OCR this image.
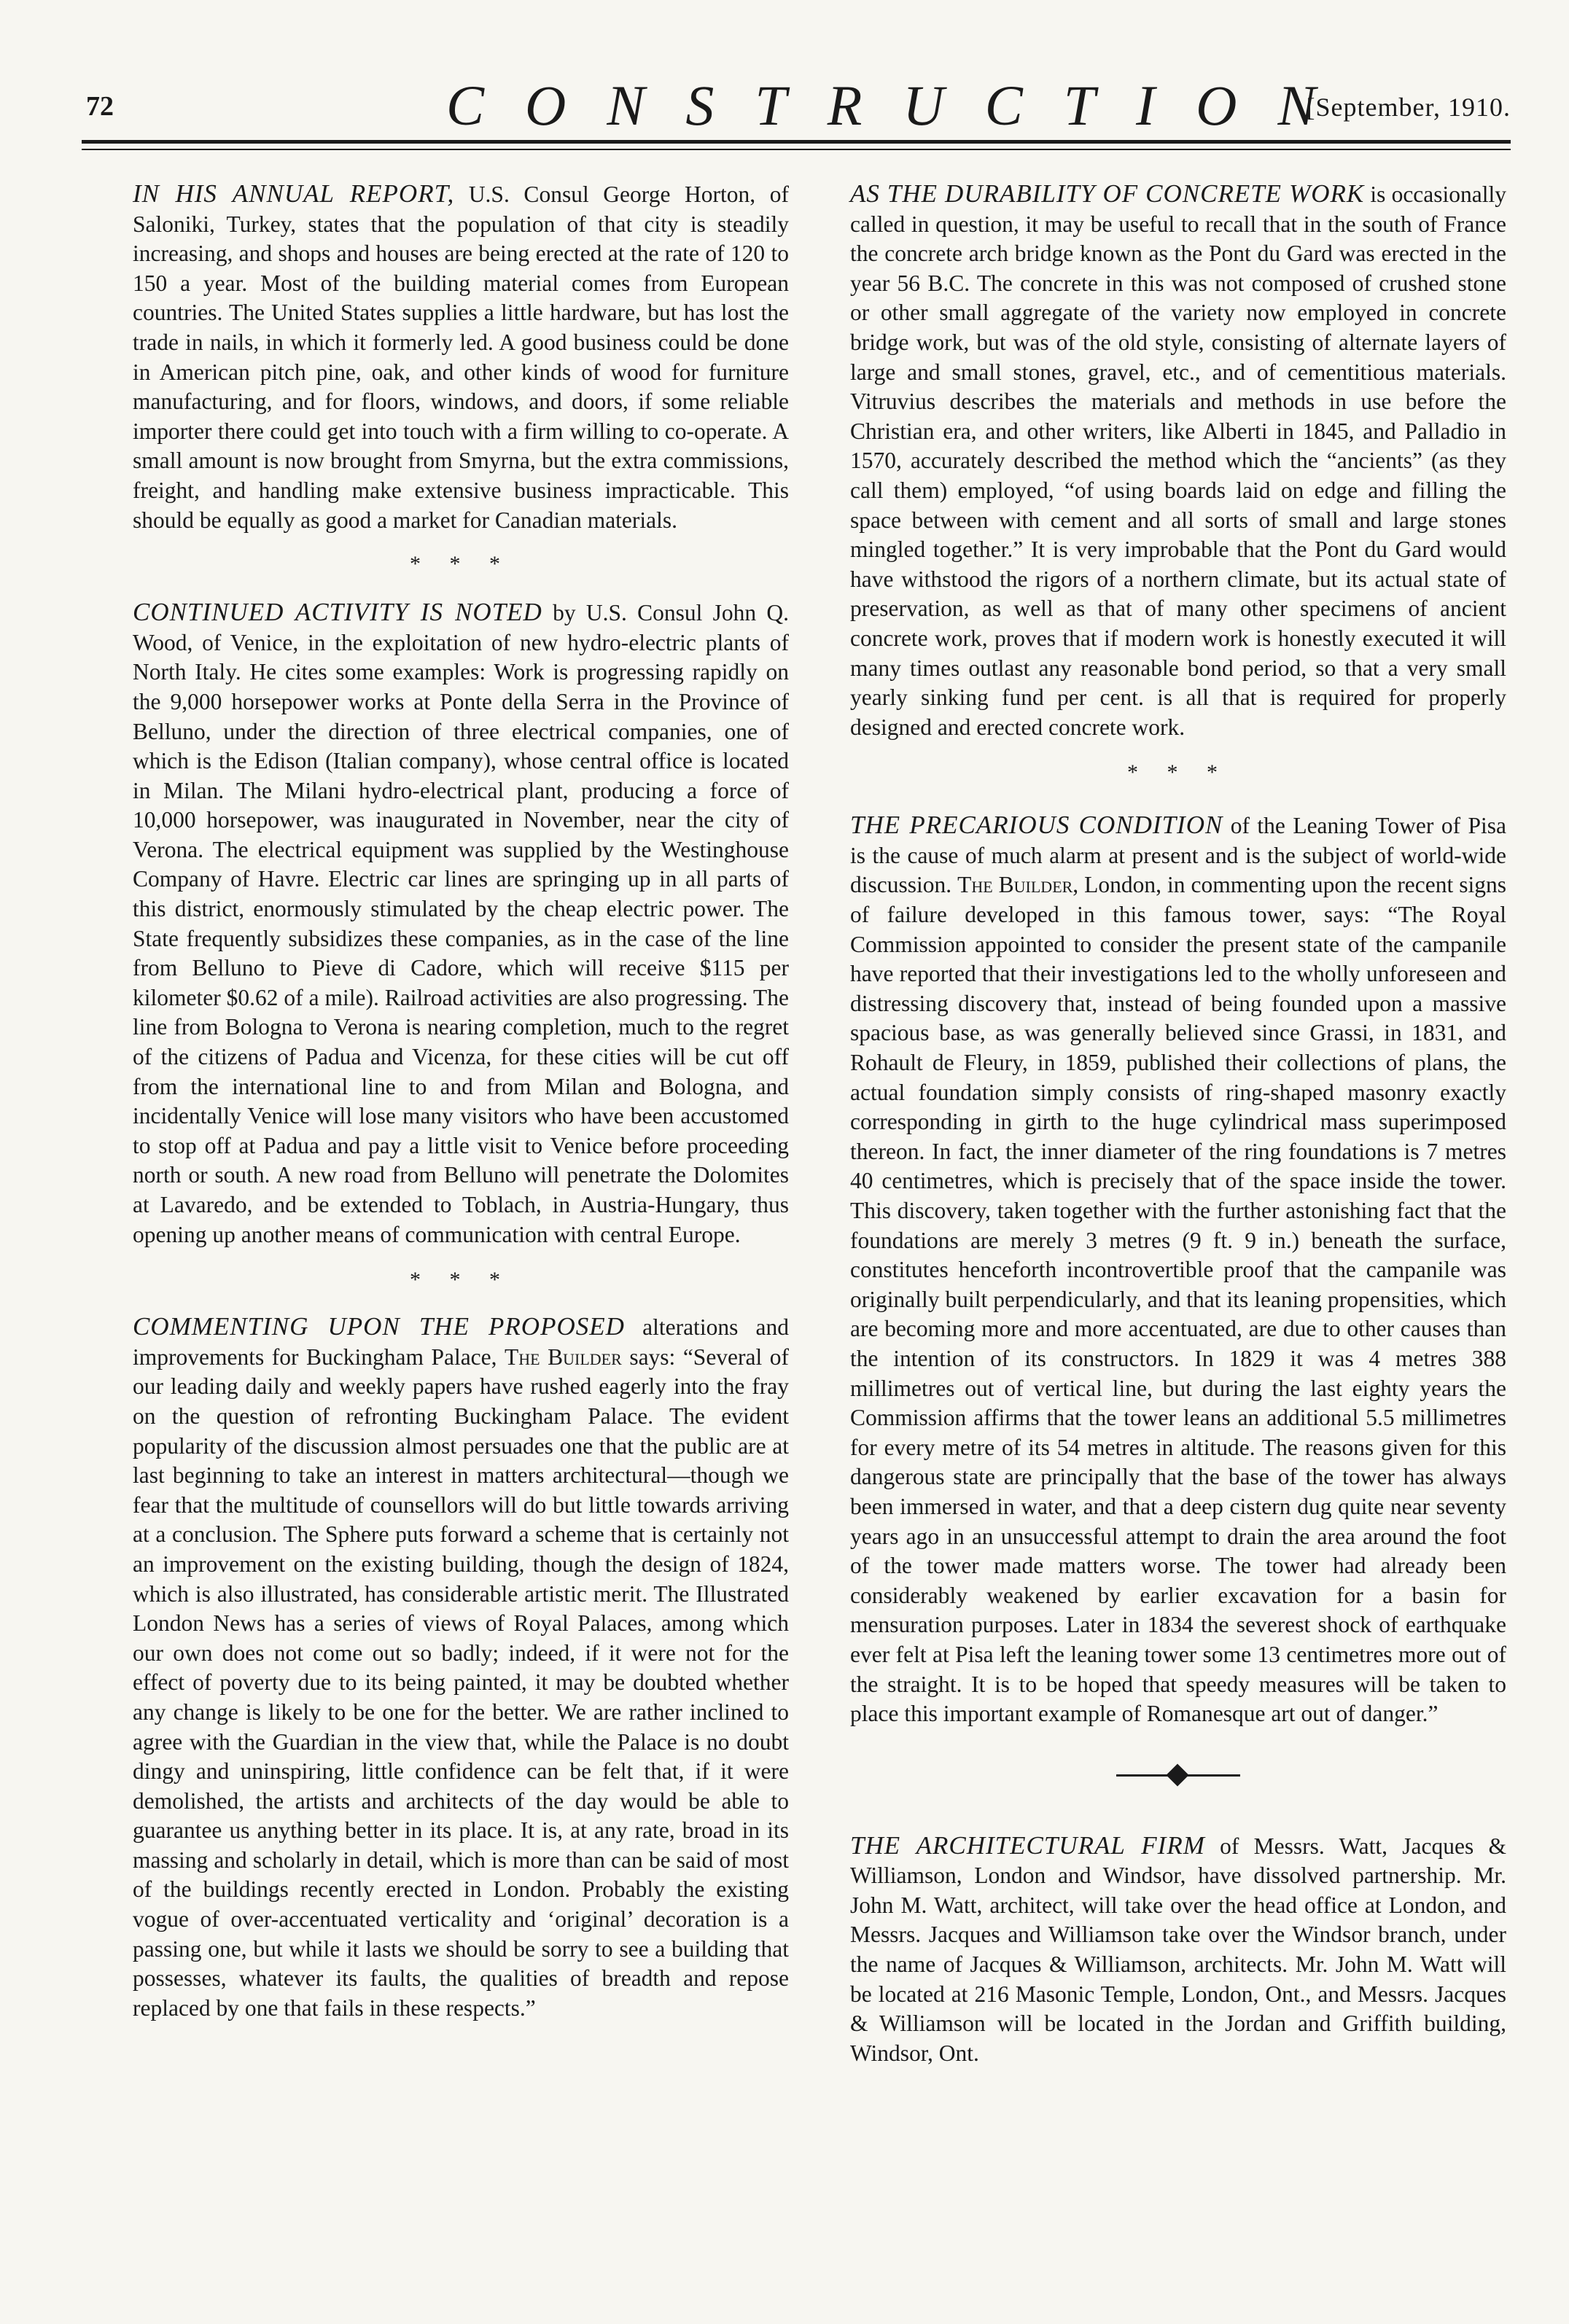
72	CONSTRUCTION
[September, 1910.

IN HIS ANNUAL REPORT, U.S. Consul George Horton, of Saloniki, Turkey, states that the population of that city is steadily increasing, and shops and houses are being erected at the rate of 120 to 150 a year. Most of the building material comes from European countries. The United States supplies a little hardware, but has lost the trade in nails, in which it formerly led. A good business could be done in American pitch pine, oak, and other kinds of wood for furniture manufacturing, and for floors, windows, and doors, if some reliable importer there could get into touch with a firm willing to co-operate. A small amount is now brought from Smyrna, but the extra commissions, freight, and handling make extensive business impracticable. This should be equally as good a market for Canadian materials.

* * *

CONTINUED ACTIVITY IS NOTED by U.S. Consul John Q. Wood, of Venice, in the exploitation of new hydro-electric plants of North Italy. He cites some examples: Work is progressing rapidly on the 9,000 horsepower works at Ponte della Serra in the Province of Belluno, under the direction of three electrical companies, one of which is the Edison (Italian company), whose central office is located in Milan. The Milani hydro-electrical plant, producing a force of 10,000 horsepower, was inaugurated in November, near the city of Verona. The electrical equipment was supplied by the Westinghouse Company of Havre. Electric car lines are springing up in all parts of this district, enormously stimulated by the cheap electric power. The State frequently subsidizes these companies, as in the case of the line from Belluno to Pieve di Cadore, which will receive $115 per kilometer $0.62 of a mile). Railroad activities are also progressing. The line from Bologna to Verona is nearing completion, much to the regret of the citizens of Padua and Vicenza, for these cities will be cut off from the international line to and from Milan and Bologna, and incidentally Venice will lose many visitors who have been accustomed to stop off at Padua and pay a little visit to Venice before proceeding north or south. A new road from Belluno will penetrate the Dolomites at Lavaredo, and be extended to Toblach, in Austria-Hungary, thus opening up another means of communication with central Europe.

* * *

COMMENTING UPON THE PROPOSED alterations and improvements for Buckingham Palace, The Builder says: “Several of our leading daily and weekly papers have rushed eagerly into the fray on the question of refronting Buckingham Palace. The evident popularity of the discussion almost persuades one that the public are at last beginning to take an interest in matters architectural—though we fear that the multitude of counsellors will do but little towards arriving at a conclusion. The Sphere puts forward a scheme that is certainly not an improvement on the existing building, though the design of 1824, which is also illustrated, has considerable artistic merit. The Illustrated London News has a series of views of Royal Palaces, among which our own does not come out so badly; indeed, if it were not for the effect of poverty due to its being painted, it may be doubted whether any change is likely to be one for the better. We are rather inclined to agree with the Guardian in the view that, while the Palace is no doubt dingy and uninspiring, little confidence can be felt that, if it were demolished, the artists and architects of the day would be able to guarantee us anything better in its place. It is, at any rate, broad in its massing and scholarly in detail, which is more than can be said of most of the buildings recently erected in London. Probably the existing vogue of over-accentuated verticality and ‘original’ decoration is a passing one, but while it lasts we should be sorry to see a building that possesses, whatever its faults, the qualities of breadth and repose replaced by one that fails in these respects.”

AS THE DURABILITY OF CONCRETE WORK is occasionally called in question, it may be useful to recall that in the south of France the concrete arch bridge known as the Pont du Gard was erected in the year 56 B.C. The concrete in this was not composed of crushed stone or other small aggregate of the variety now employed in concrete bridge work, but was of the old style, consisting of alternate layers of large and small stones, gravel, etc., and of cementitious materials. Vitruvius describes the materials and methods in use before the Christian era, and other writers, like Alberti in 1845, and Palladio in 1570, accurately described the method which the “ancients” (as they call them) employed, “of using boards laid on edge and filling the space between with cement and all sorts of small and large stones mingled together.” It is very improbable that the Pont du Gard would have withstood the rigors of a northern climate, but its actual state of preservation, as well as that of many other specimens of ancient concrete work, proves that if modern work is honestly executed it will many times outlast any reasonable bond period, so that a very small yearly sinking fund per cent. is all that is required for properly designed and erected concrete work.

* * *

THE PRECARIOUS CONDITION of the Leaning Tower of Pisa is the cause of much alarm at present and is the subject of world-wide discussion. The Builder, London, in commenting upon the recent signs of failure developed in this famous tower, says: “The Royal Commission appointed to consider the present state of the campanile have reported that their investigations led to the wholly unforeseen and distressing discovery that, instead of being founded upon a massive spacious base, as was generally believed since Grassi, in 1831, and Rohault de Fleury, in 1859, published their collections of plans, the actual foundation simply consists of ring-shaped masonry exactly corresponding in girth to the huge cylindrical mass superimposed thereon. In fact, the inner diameter of the ring foundations is 7 metres 40 centimetres, which is precisely that of the space inside the tower. This discovery, taken together with the further astonishing fact that the foundations are merely 3 metres (9 ft. 9 in.) beneath the surface, constitutes henceforth incontrovertible proof that the campanile was originally built perpendicularly, and that its leaning propensities, which are becoming more and more accentuated, are due to other causes than the intention of its constructors. In 1829 it was 4 metres 388 millimetres out of vertical line, but during the last eighty years the Commission affirms that the tower leans an additional 5.5 millimetres for every metre of its 54 metres in altitude. The reasons given for this dangerous state are principally that the base of the tower has always been immersed in water, and that a deep cistern dug quite near seventy years ago in an unsuccessful attempt to drain the area around the foot of the tower made matters worse. The tower had already been considerably weakened by earlier excavation for a basin for mensuration purposes. Later in 1834 the severest shock of earthquake ever felt at Pisa left the leaning tower some 13 centimetres more out of the straight. It is to be hoped that speedy measures will be taken to place this important example of Romanesque art out of danger.”

THE ARCHITECTURAL FIRM of Messrs. Watt, Jacques & Williamson, London and Windsor, have dissolved partnership. Mr. John M. Watt, architect, will take over the head office at London, and Messrs. Jacques and Williamson take over the Windsor branch, under the name of Jacques & Williamson, architects. Mr. John M. Watt will be located at 216 Masonic Temple, London, Ont., and Messrs. Jacques & Williamson will be located in the Jordan and Griffith building, Windsor, Ont.
